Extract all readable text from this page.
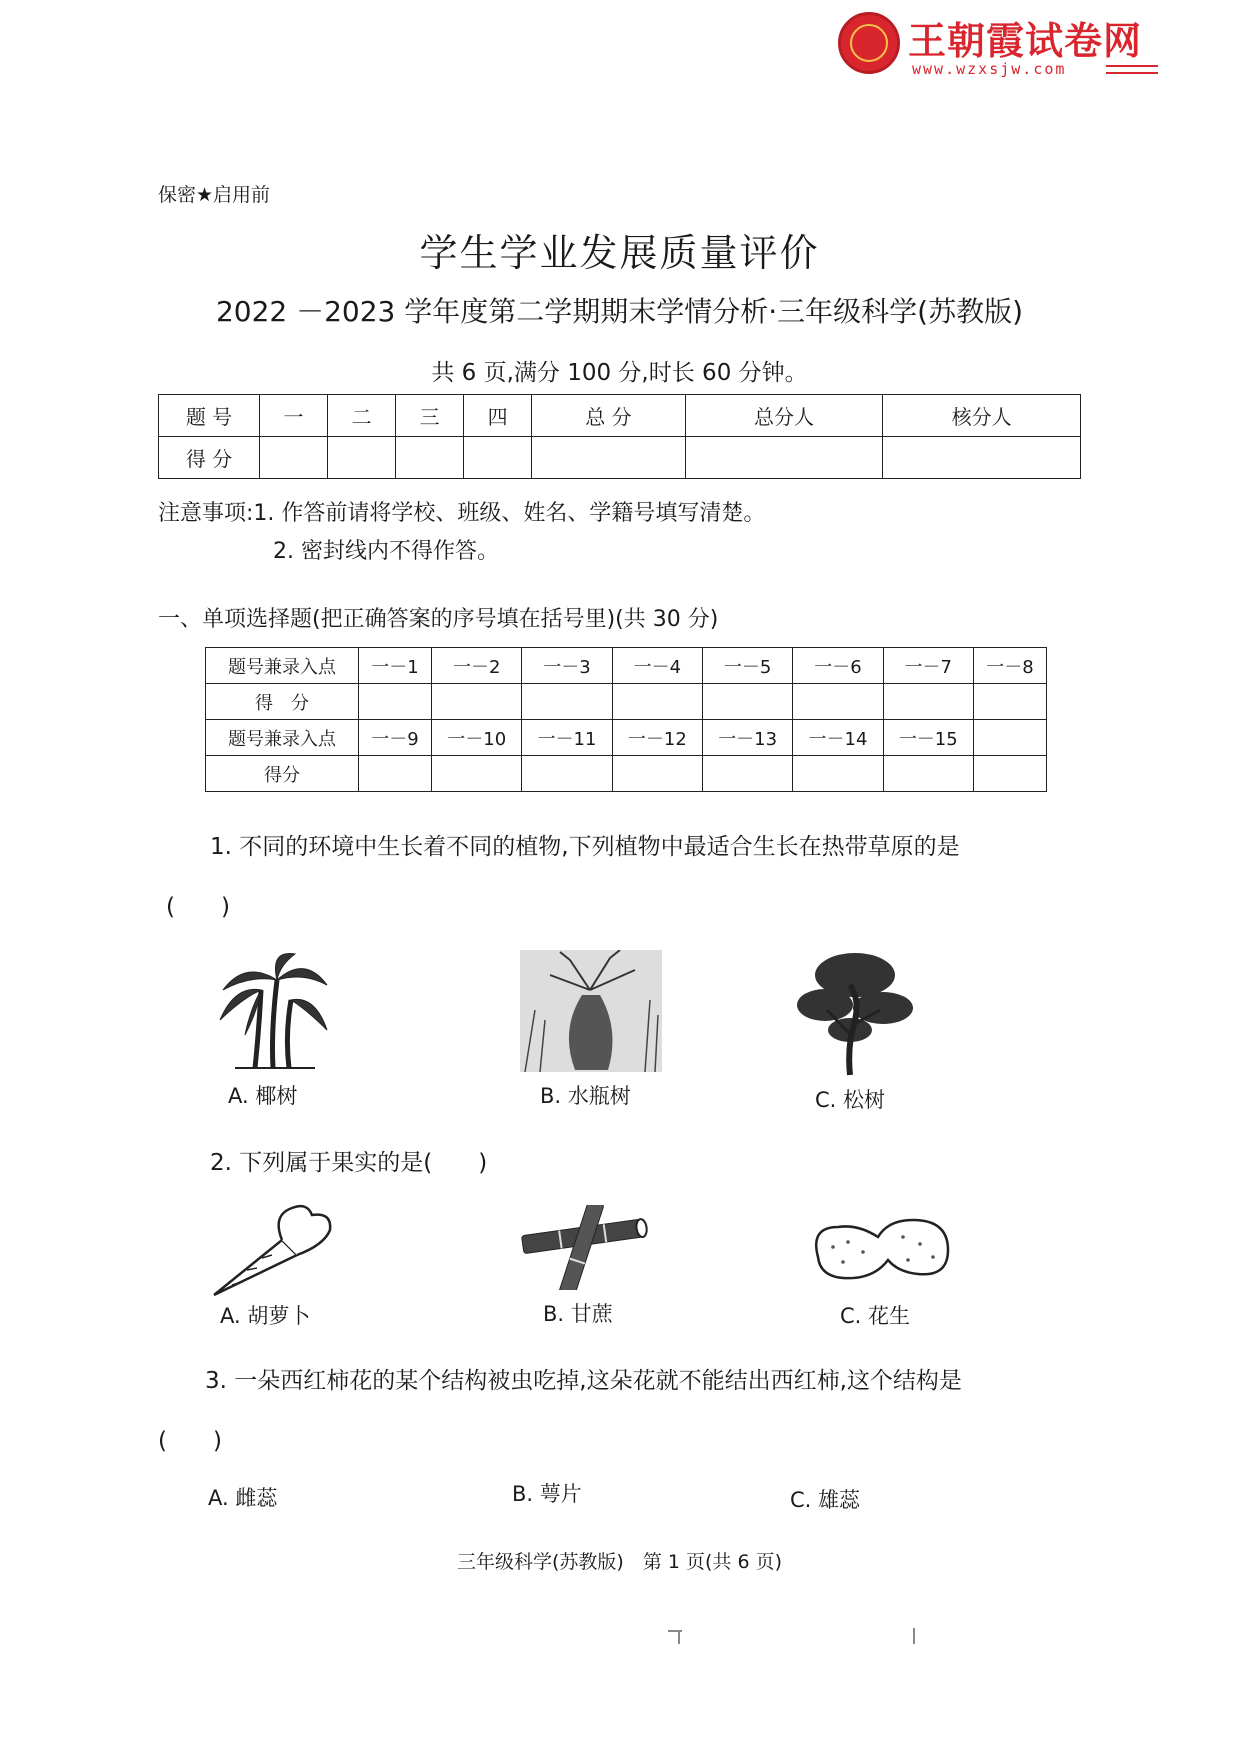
王朝霞试卷网
www.wzxsjw.com
保密★启用前
学生学业发展质量评价
2022 －2023 学年度第二学期期末学情分析·三年级科学(苏教版)
共 6 页,满分 100 分,时长 60 分钟。
题 号	一	二	三	四	总 分	总分人	核分人
得 分							
注意事项:1. 作答前请将学校、班级、姓名、学籍号填写清楚。
2. 密封线内不得作答。
一、单项选择题(把正确答案的序号填在括号里)(共 30 分)
题号兼录入点	一－1	一－2	一－3	一－4	一－5	一－6	一－7	一－8
得　分								
题号兼录入点	一－9	一－10	一－11	一－12	一－13	一－14	一－15	
得分								
1. 不同的环境中生长着不同的植物,下列植物中最适合生长在热带草原的是
(　　)
A. 椰树	B. 水瓶树	C. 松树
2. 下列属于果实的是(　　)
A. 胡萝卜	B. 甘蔗	C. 花生
3. 一朵西红柿花的某个结构被虫吃掉,这朵花就不能结出西红柿,这个结构是
(　　)
A. 雌蕊	B. 萼片	C. 雄蕊
三年级科学(苏教版)　第 1 页(共 6 页)
